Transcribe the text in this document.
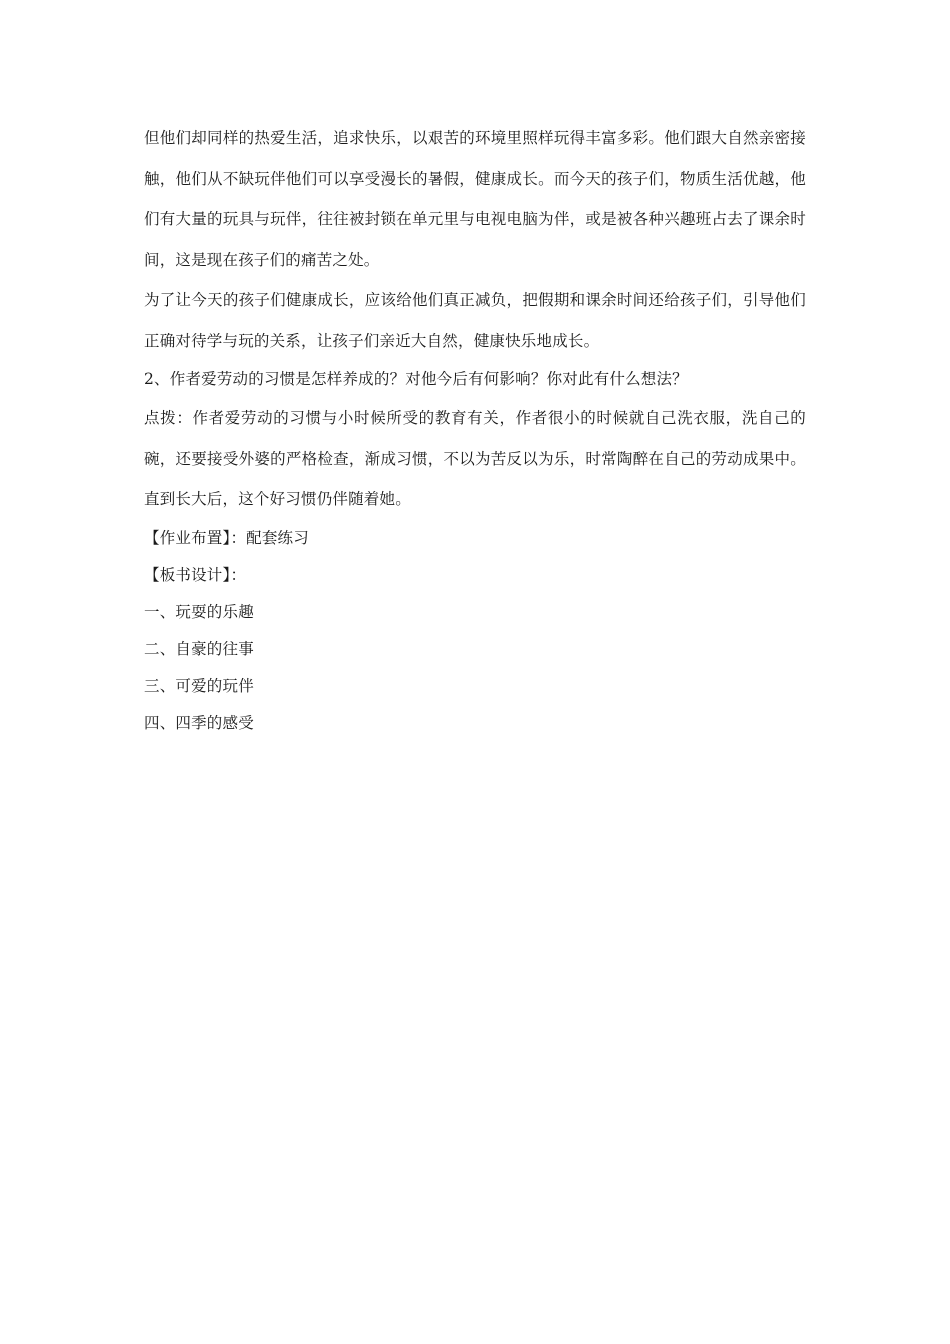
但他们却同样的热爱生活，追求快乐，以艰苦的环境里照样玩得丰富多彩。他们跟大自然亲密接触，他们从不缺玩伴他们可以享受漫长的暑假，健康成长。而今天的孩子们，物质生活优越，他们有大量的玩具与玩伴，往往被封锁在单元里与电视电脑为伴，或是被各种兴趣班占去了课余时间，这是现在孩子们的痛苦之处。

为了让今天的孩子们健康成长，应该给他们真正减负，把假期和课余时间还给孩子们，引导他们正确对待学与玩的关系，让孩子们亲近大自然，健康快乐地成长。

2、作者爱劳动的习惯是怎样养成的？对他今后有何影响？你对此有什么想法？

点拨：作者爱劳动的习惯与小时候所受的教育有关，作者很小的时候就自己洗衣服，洗自己的碗，还要接受外婆的严格检查，渐成习惯，不以为苦反以为乐，时常陶醉在自己的劳动成果中。直到长大后，这个好习惯仍伴随着她。

【作业布置】：配套练习

【板书设计】：

一、玩耍的乐趣

二、自豪的往事

三、可爱的玩伴

四、四季的感受
